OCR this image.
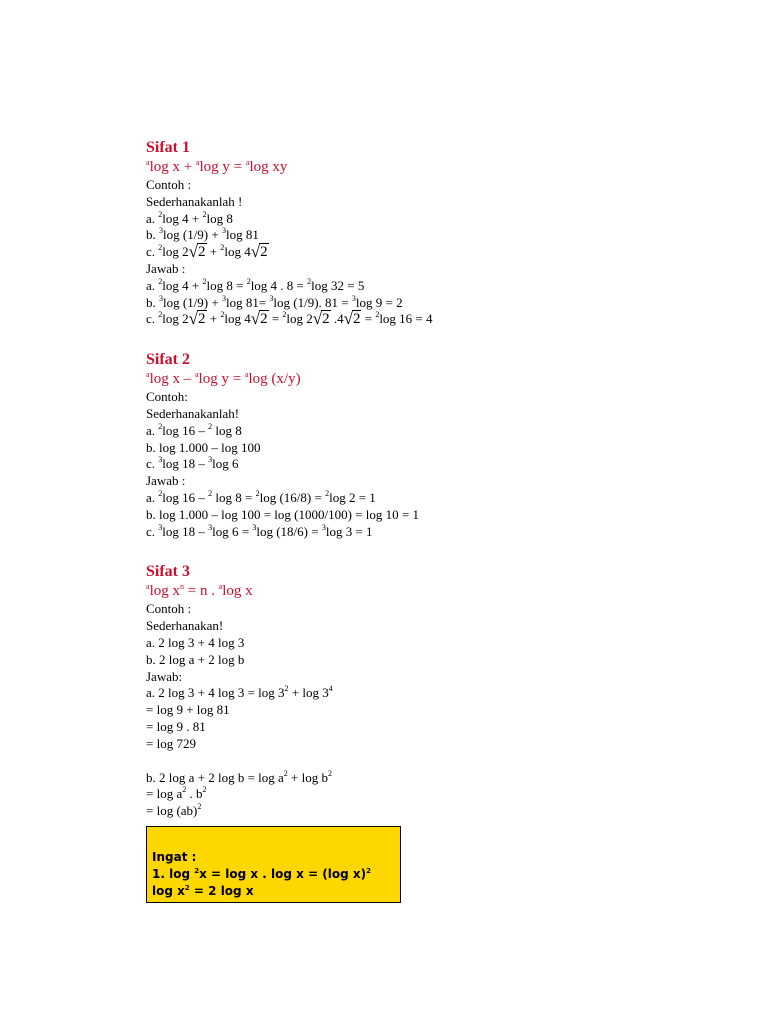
Sifat 1

$^a$log x + $^a$log y = $^a$log xy

Contoh :

Sederhanakanlah !

a. $^2$log 4 + $^2$log 8

b. $^3$log (1/9) + $^3$log 81

c. $^2$log 2√2 + $^2$log 4√2

Jawab :

a. $^2$log 4 + $^2$log 8 = $^2$log 4 . 8 = $^2$log 32 = 5

b. $^3$log (1/9) + $^3$log 81= $^3$log (1/9). 81 = $^3$log 9 = 2

c. $^2$log 2√2 + $^2$log 4√2 = $^2$log 2√2 .4√2 = $^2$log 16 = 4

Sifat 2

$^a$log x – $^a$log y = $^a$log (x/y)

Contoh:

Sederhanakanlah!

a. $^2$log 16 – $^2$ log 8

b. log 1.000 – log 100

c. $^3$log 18 – $^3$log 6

Jawab :

a. $^2$log 16 – $^2$ log 8 = $^2$log (16/8) = $^2$log 2 = 1

b. log 1.000 – log 100 = log (1000/100) = log 10 = 1

c. $^3$log 18 – $^3$log 6 = $^3$log (18/6) = $^3$log 3 = 1

Sifat 3

$^a$log $x^n = n$ . $^a$log x

Contoh :

Sederhanakan!

a. 2 log 3 + 4 log 3

b. 2 log a + 2 log b

Jawab:

a. 2 log 3 + 4 $\log 3 = \log 3^2 + \log 3^4$

= log 9 + log 81

= log 9 . 81

= log 729

b. 2 log a + 2 $\log b = \log a^2 + \log b^2$

= $\log a^2$ . $b^2$

= log (ab)$^2$

Ingat :
1. log $^2$x = log x . log x = (log x)$^2$
$\log x^2 = 2$ log x
